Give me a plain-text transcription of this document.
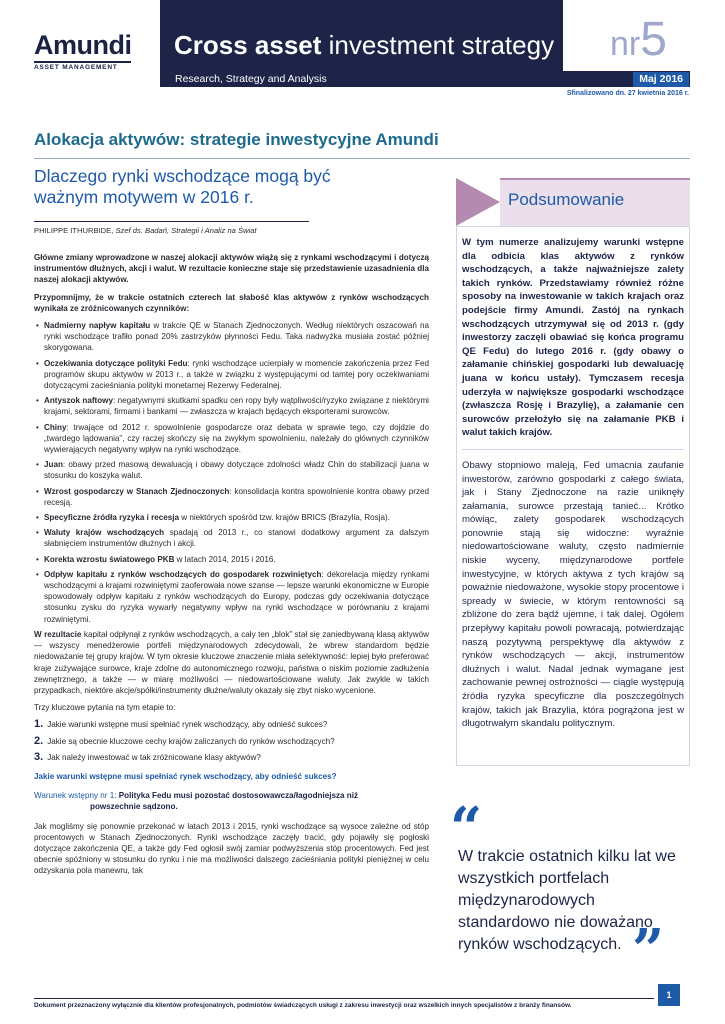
Amundi
ASSET MANAGEMENT
Cross asset investment strategy nr5
Research, Strategy and Analysis	Maj 2016
Sfinalizowano dn. 27 kwietnia 2016 r.
Alokacja aktywów: strategie inwestycyjne Amundi
Dlaczego rynki wschodzące mogą być ważnym motywem w 2016 r.
PHILIPPE ITHURBIDE, Szef ds. Badań, Strategii i Analiz na Świat

Główne zmiany wprowadzone w naszej alokacji aktywów wiążą się z rynkami wschodzącymi i dotyczą instrumentów dłużnych, akcji i walut. W rezultacie konieczne staje się przedstawienie uzasadnienia dla naszej alokacji aktywów.

Przypomnijmy, że w trakcie ostatnich czterech lat słabość klas aktywów z rynków wschodzących wynikała ze zróżnicowanych czynników:

• Nadmierny napływ kapitału w trakcie QE w Stanach Zjednoczonych. Według niektórych oszacowań na rynki wschodzące trafiło ponad 20% zastrzyków płynności Fedu. Taka nadwyżka musiała zostać później skorygowana.
• Oczekiwania dotyczące polityki Fedu: rynki wschodzące ucierpiały w momencie zakończenia przez Fed programów skupu aktywów w 2013 r., a także w związku z występującymi od tamtej pory oczekiwaniami dotyczącymi zacieśniania polityki monetarnej Rezerwy Federalnej.
• Antyszok naftowy: negatywnymi skutkami spadku cen ropy były wątpliwości/ryzyko związane z niektórymi krajami, sektorami, firmami i bankami — zwłaszcza w krajach będących eksporterami surowców.
• Chiny: trwające od 2012 r. spowolnienie gospodarcze oraz debata w sprawie tego, czy dojdzie do „twardego lądowania”, czy raczej skończy się na zwykłym spowolnieniu, należały do głównych czynników wywierających negatywny wpływ na rynki wschodzące.
• Juan: obawy przed masową dewaluacją i obawy dotyczące zdolności władz Chin do stabilizacji juana w stosunku do koszyka walut.
• Wzrost gospodarczy w Stanach Zjednoczonych: konsolidacja kontra spowolnienie kontra obawy przed recesją.
• Specyficzne źródła ryzyka i recesja w niektórych spośród tzw. krajów BRICS (Brazylia, Rosja).
• Waluty krajów wschodzących spadają od 2013 r., co stanowi dodatkowy argument za dalszym słabnięciem instrumentów dłużnych i akcji.
• Korekta wzrostu światowego PKB w latach 2014, 2015 i 2016.
• Odpływ kapitału z rynków wschodzących do gospodarek rozwiniętych: dekorelacja między rynkami wschodzącymi a krajami rozwiniętymi zaoferowała nowe szanse — lepsze warunki ekonomiczne w Europie spowodowały odpływ kapitału z rynków wschodzących do Europy, podczas gdy oczekiwania dotyczące stosunku zysku do ryzyka wywarły negatywny wpływ na rynki wschodzące w porównaniu z krajami rozwiniętymi.

W rezultacie kapitał odpłynął z rynków wschodzących, a cały ten „blok” stał się zaniedbywaną klasą aktywów — wszyscy menedżerowie portfeli międzynarodowych zdecydowali, że wbrew standardom będzie niedoważanie tej grupy krajów. W tym okresie kluczowe znaczenie miała selektywność: lepiej było preferować kraje zużywające surowce, kraje zdolne do autonomicznego rozwoju, państwa o niskim poziomie zadłużenia zewnętrznego, a także — w miarę możliwości — niedowartościowane waluty. Jak zwykle w takich przypadkach, niektóre akcje/spółki/instrumenty dłużne/waluty okazały się zbyt nisko wycenione.

Trzy kluczowe pytania na tym etapie to:

1. Jakie warunki wstępne musi spełniać rynek wschodzący, aby odnieść sukces?
2. Jakie są obecnie kluczowe cechy krajów zaliczanych do rynków wschodzących?
3. Jak należy inwestować w tak zróżnicowane klasy aktywów?
Jakie warunki wstępne musi spełniać rynek wschodzący, aby odnieść sukces?
Warunek wstępny nr 1: Polityka Fedu musi pozostać dostosowawcza/łagodniejsza niż
powszechnie sądzono.

Jak mogliśmy się ponownie przekonać w latach 2013 i 2015, rynki wschodzące są wysoce zależne od stóp procentowych w Stanach Zjednoczonych. Rynki wschodzące zaczęły tracić, gdy pojawiły się pogłoski dotyczące zakończenia QE, a także gdy Fed ogłosił swój zamiar podwyższenia stóp procentowych. Fed jest obecnie spóźniony w stosunku do rynku i nie ma możliwości dalszego zacieśniania polityki pieniężnej w celu odzyskania pola manewru, tak

Podsumowanie
W tym numerze analizujemy warunki wstępne dla odbicia klas aktywów z rynków wschodzących, a także najważniejsze zalety takich rynków. Przedstawiamy również różne sposoby na inwestowanie w takich krajach oraz podejście firmy Amundi. Zastój na rynkach wschodzących utrzymywał się od 2013 r. (gdy inwestorzy zaczęli obawiać się końca programu QE Fedu) do lutego 2016 r. (gdy obawy o załamanie chińskiej gospodarki lub dewaluację juana w końcu ustały). Tymczasem recesja uderzyła w największe gospodarki wschodzące (zwłaszcza Rosję i Brazylię), a załamanie cen surowców przełożyło się na załamanie PKB i walut takich krajów.
Obawy stopniowo maleją, Fed umacnia zaufanie inwestorów, zarówno gospodarki z całego świata, jak i Stany Zjednoczone na razie uniknęły załamania, surowce przestają tanieć... Krótko mówiąc, zalety gospodarek wschodzących ponownie stają się widoczne: wyraźnie niedowartościowane waluty, często nadmiernie niskie wyceny, międzynarodowe portfele inwestycyjne, w których aktywa z tych krajów są poważnie niedoważone, wysokie stopy procentowe i spready w świecie, w którym rentowności są zbliżone do zera bądź ujemne, i tak dalej. Ogółem przepływy kapitału powoli powracają, potwierdzając naszą pozytywną perspektywę dla aktywów z rynków wschodzących — akcji, instrumentów dłużnych i walut. Nadal jednak wymagane jest zachowanie pewnej ostrożności — ciągle występują źródła ryzyka specyficzne dla poszczególnych krajów, takich jak Brazylia, która pogrążona jest w długotrwałym skandalu politycznym.
“
W trakcie ostatnich kilku lat we wszystkich portfelach międzynarodowych standardowo nie doważano rynków wschodzących. ”
Dokument przeznaczony wyłącznie dla klientów profesjonalnych, podmiotów świadczących usługi z zakresu inwestycji oraz wszelkich innych specjalistów z branży finansów.
1
